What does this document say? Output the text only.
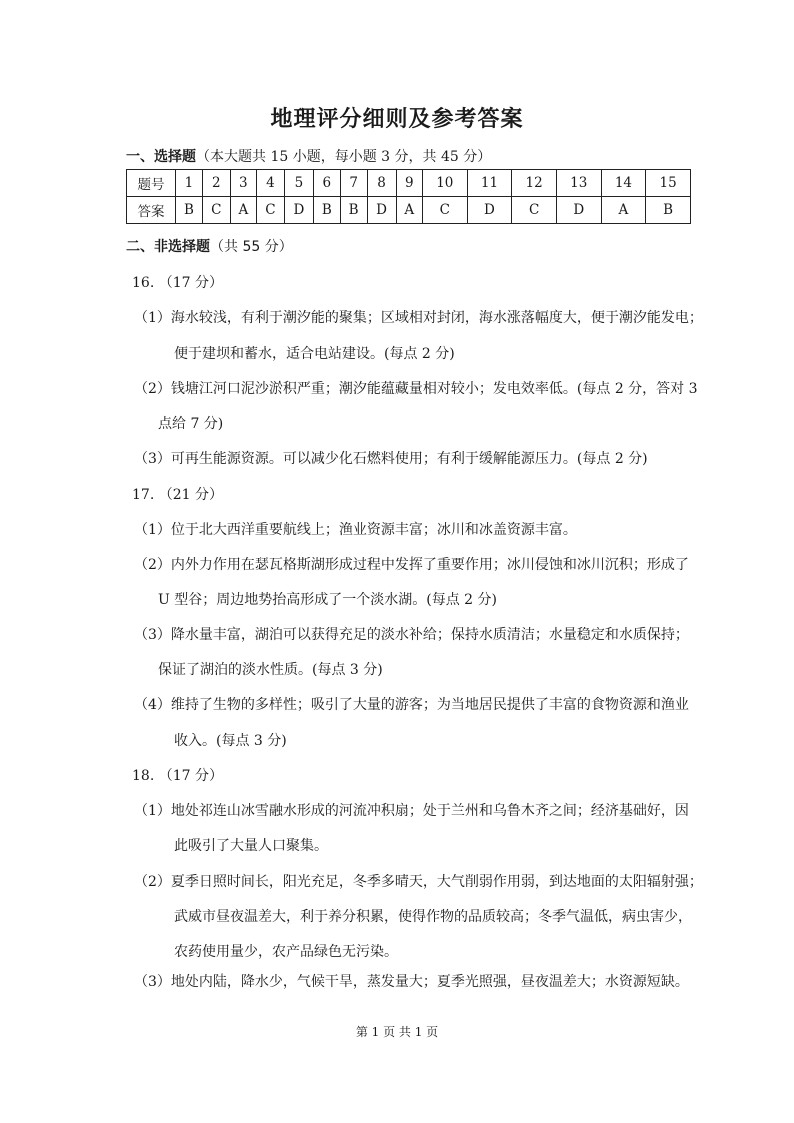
地理评分细则及参考答案
一、选择题（本大题共 15 小题，每小题 3 分，共 45 分）
题号	1	2	3	4	5	6	7	8	9	10	11	12	13	14	15
答案	B	C	A	C	D	B	B	D	A	C	D	C	D	A	B
二、非选择题（共 55 分）
16. （17 分）
（1）海水较浅，有利于潮汐能的聚集；区域相对封闭，海水涨落幅度大，便于潮汐能发电；
便于建坝和蓄水，适合电站建设。(每点 2 分)
（2）钱塘江河口泥沙淤积严重；潮汐能蕴藏量相对较小；发电效率低。(每点 2 分，答对 3
点给 7 分)
（3）可再生能源资源。可以减少化石燃料使用；有利于缓解能源压力。(每点 2 分)
17. （21 分）
（1）位于北大西洋重要航线上；渔业资源丰富；冰川和冰盖资源丰富。
（2）内外力作用在瑟瓦格斯湖形成过程中发挥了重要作用；冰川侵蚀和冰川沉积；形成了
U 型谷；周边地势抬高形成了一个淡水湖。(每点 2 分)
（3）降水量丰富，湖泊可以获得充足的淡水补给；保持水质清洁；水量稳定和水质保持；
保证了湖泊的淡水性质。(每点 3 分)
（4）维持了生物的多样性；吸引了大量的游客；为当地居民提供了丰富的食物资源和渔业
收入。(每点 3 分)
18. （17 分）
（1）地处祁连山冰雪融水形成的河流冲积扇；处于兰州和乌鲁木齐之间；经济基础好，因
此吸引了大量人口聚集。
（2）夏季日照时间长，阳光充足，冬季多晴天，大气削弱作用弱，到达地面的太阳辐射强；
武威市昼夜温差大，利于养分积累，使得作物的品质较高；冬季气温低，病虫害少，
农药使用量少，农产品绿色无污染。
（3）地处内陆，降水少，气候干旱，蒸发量大；夏季光照强，昼夜温差大；水资源短缺。
第 1 页 共 1 页
